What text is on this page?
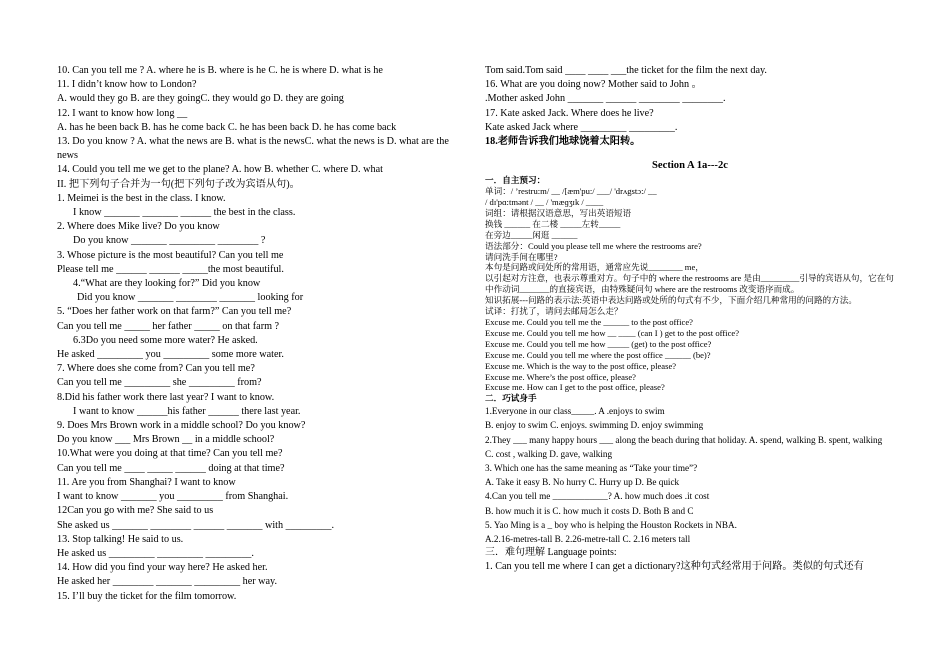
10. Can you tell me ? A. where he is B. where is he C. he is where D. what is he
11. I didn’t know how to London?
A. would they go B. are they goingC. they would go D. they are going
12. I want to know how long __
A. has he been back B. has he come back C. he has been back D. he has come back
13. Do you know ? A. what the news are B. what is the newsC. what the news is D. what are the news
14. Could you tell me we get to the plane? A. how B. whether C. where D. what
II. 把下列句子合并为一句(把下列句子改为宾语从句)。
1. Meimei is the best in the class. I know.
I know _______ _______ ______ the best in the class.
2. Where does Mike live? Do you know
Do you know _______ _________ ________ ?
3. Whose picture is the most beautiful? Can you tell me
Please tell me ______ ______ _____the most beautiful.
4.“What are they looking for?” Did you know
Did you know _______ ________ _______ looking for
5. “Does her father work on that farm?” Can you tell me?
Can you tell me _____ her father _____ on that farm ?
6.3Do you need some more water? He asked.
He asked _________ you _________ some more water.
7. Where does she come from? Can you tell me?
Can you tell me _________ she _________ from?
8.Did his father work there last year? I want to know.
I want to know ______his father ______ there last year.
9. Does Mrs Brown work in a middle school? Do you know?
Do you know ___ Mrs Brown __ in a middle school?
10.What were you doing at that time? Can you tell me?
Can you tell me ____ _____ ______ doing at that time?
11. Are you from Shanghai? I want to know
I want to know _______ you _________ from Shanghai.
12Can you go with me? She said to us
She asked us _______ ________ ______ _______ with _________.
13. Stop talking! He said to us.
He asked us _________ _________ _________.
14. How did you find your way here? He asked her.
He asked her ________ _______ _________ her way.
15. I’ll buy the ticket for the film tomorrow.
Tom said.Tom said ____ ____ ___the ticket for the film the next day.
16. What are you doing now? Mother said to John 。
.Mother asked John _______ ______ ________ ________.
17. Kate asked Jack. Where does he live?
Kate asked Jack where _________ _________.
18.老师告诉我们地球饶着太阳转。
Section A 1a---2c
一．自主预习：
单词：/ ’restru:m/ __ /[æm'pu:/ ___/ 'drʌgstɔ:/ __
/ dɪ'pɑ:tmənt / __ / 'mæɡʒɪk / ____
词组：请根据汉语意思，写出英语短语
换钱 ______ 在二楼 _____左转_____
在旁边_____闲逛 ______
语法部分：Could you please tell me where the restrooms are?
请问洗手间在哪里?
本句是问路或问处所的常用语，通常应先说________ me，
以引起对方注意，也表示尊重对方。句子中的 where the restrooms are 是由_________引导的宾语从句，它在句中作动词_______的直接宾语，由特殊疑问句 where are the restrooms 改变语序而成。
知识拓展---问路的表示法:英语中表达问路或处所的句式有不少，下面介绍几种常用的问路的方法。
试译：打扰了，请问去邮局怎么走？
Excuse me. Could you tell me the ______ to the post office?
Excuse me. Could you tell me how __ ____ (can I ) get to the post office?
Excuse me. Could you tell me how _____ (get) to the post office?
Excuse me. Could you tell me where the post office ______ (be)?
Excuse me. Which is the way to the post office, please?
Excuse me. Where’s the post office, please?
Excuse me. How can I get to the post office, please?
二．巧试身手
1.Everyone in our class_____. A .enjoys to swim
B. enjoy to swim C. enjoys. swimming D. enjoy swimming
2.They ___ many happy hours ___ along the beach during that holiday. A. spend, walking B. spent, walking
C. cost , walking D. gave, walking
3. Which one has the same meaning as “Take your time”?
A. Take it easy B. No hurry C. Hurry up D. Be quick
4.Can you tell me ____________? A. how much does .it cost
B. how much it is C. how much it costs D. Both B and C
5. Yao Ming is a _ boy who is helping the Houston Rockets in NBA.
A.2.16-metres-tall B. 2.26-metre-tall C. 2.16 meters tall
三．难句理解 Language points:
1. Can you tell me where I can get a dictionary?这种句式经常用于问路。类似的句式还有
